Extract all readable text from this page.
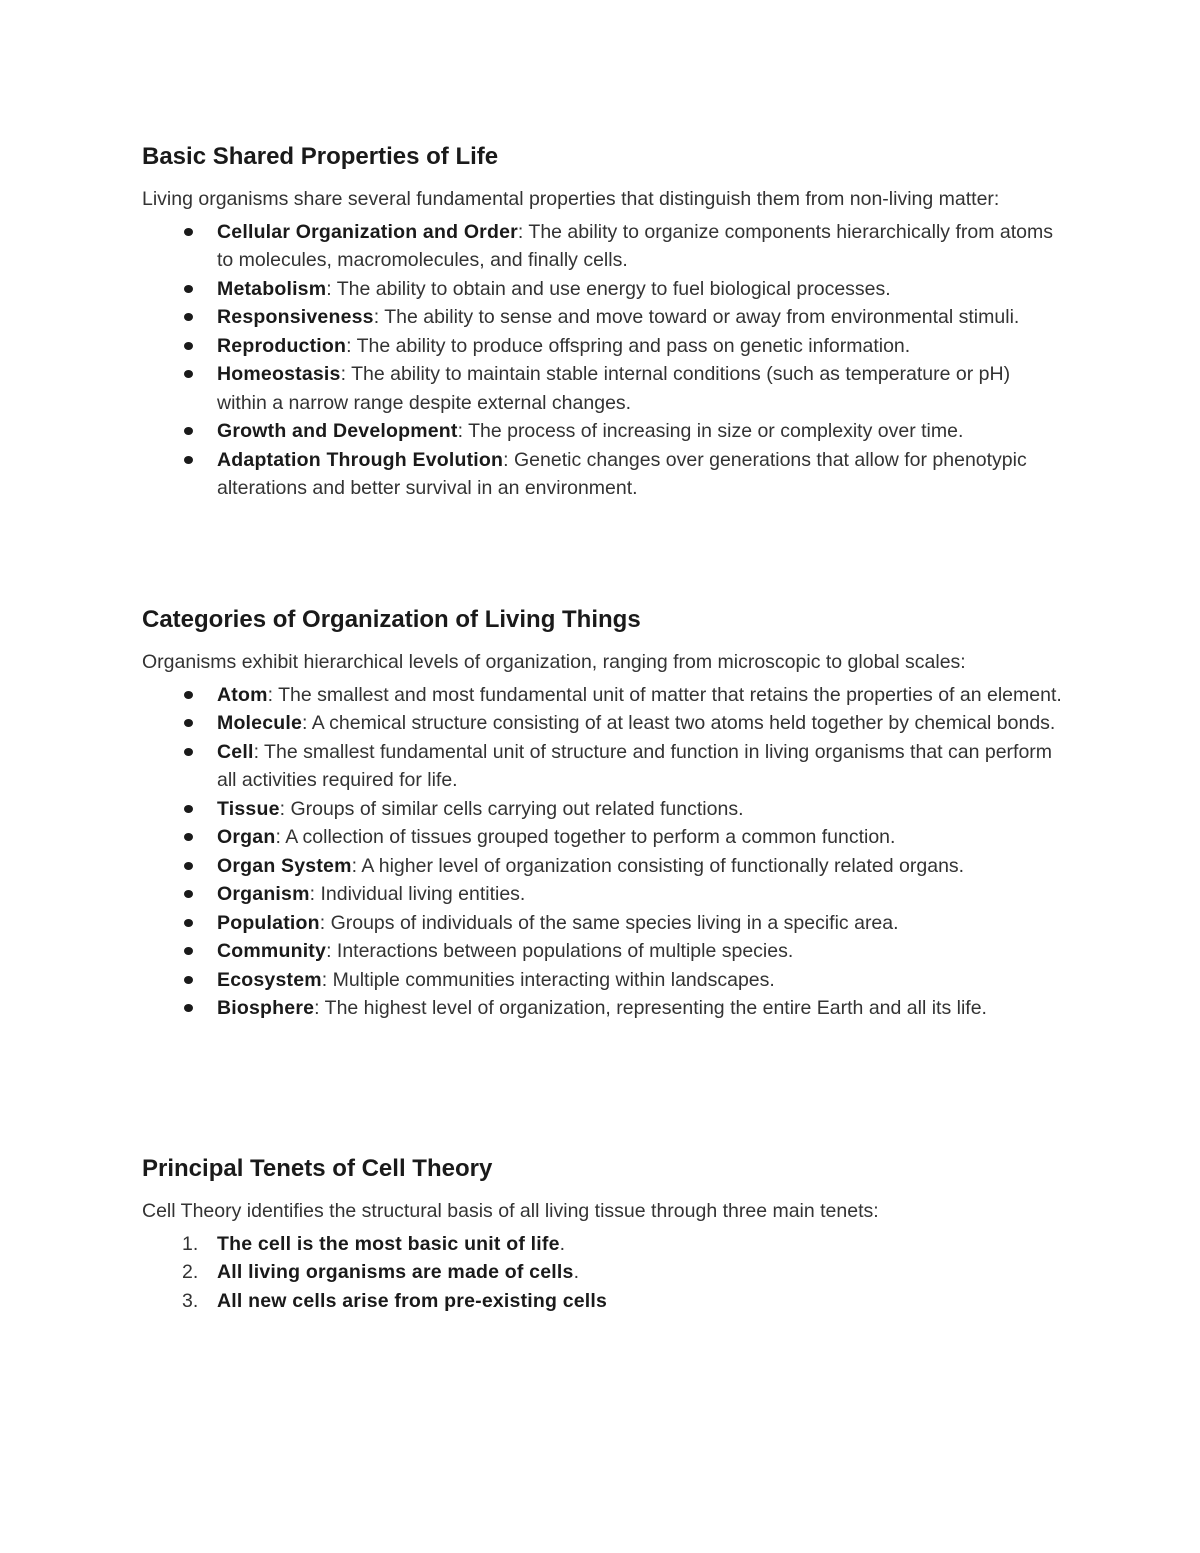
Basic Shared Properties of Life

Living organisms share several fundamental properties that distinguish them from non-living matter:

Cellular Organization and Order: The ability to organize components hierarchically from atoms to molecules, macromolecules, and finally cells.
Metabolism: The ability to obtain and use energy to fuel biological processes.
Responsiveness: The ability to sense and move toward or away from environmental stimuli.
Reproduction: The ability to produce offspring and pass on genetic information.
Homeostasis: The ability to maintain stable internal conditions (such as temperature or pH) within a narrow range despite external changes.
Growth and Development: The process of increasing in size or complexity over time.
Adaptation Through Evolution: Genetic changes over generations that allow for phenotypic alterations and better survival in an environment.
Categories of Organization of Living Things

Organisms exhibit hierarchical levels of organization, ranging from microscopic to global scales:

Atom: The smallest and most fundamental unit of matter that retains the properties of an element.
Molecule: A chemical structure consisting of at least two atoms held together by chemical bonds.
Cell: The smallest fundamental unit of structure and function in living organisms that can perform all activities required for life.
Tissue: Groups of similar cells carrying out related functions.
Organ: A collection of tissues grouped together to perform a common function.
Organ System: A higher level of organization consisting of functionally related organs.
Organism: Individual living entities.
Population: Groups of individuals of the same species living in a specific area.
Community: Interactions between populations of multiple species.
Ecosystem: Multiple communities interacting within landscapes.
Biosphere: The highest level of organization, representing the entire Earth and all its life.
Principal Tenets of Cell Theory

Cell Theory identifies the structural basis of all living tissue through three main tenets:

1. The cell is the most basic unit of life.
2. All living organisms are made of cells.
3. All new cells arise from pre-existing cells
